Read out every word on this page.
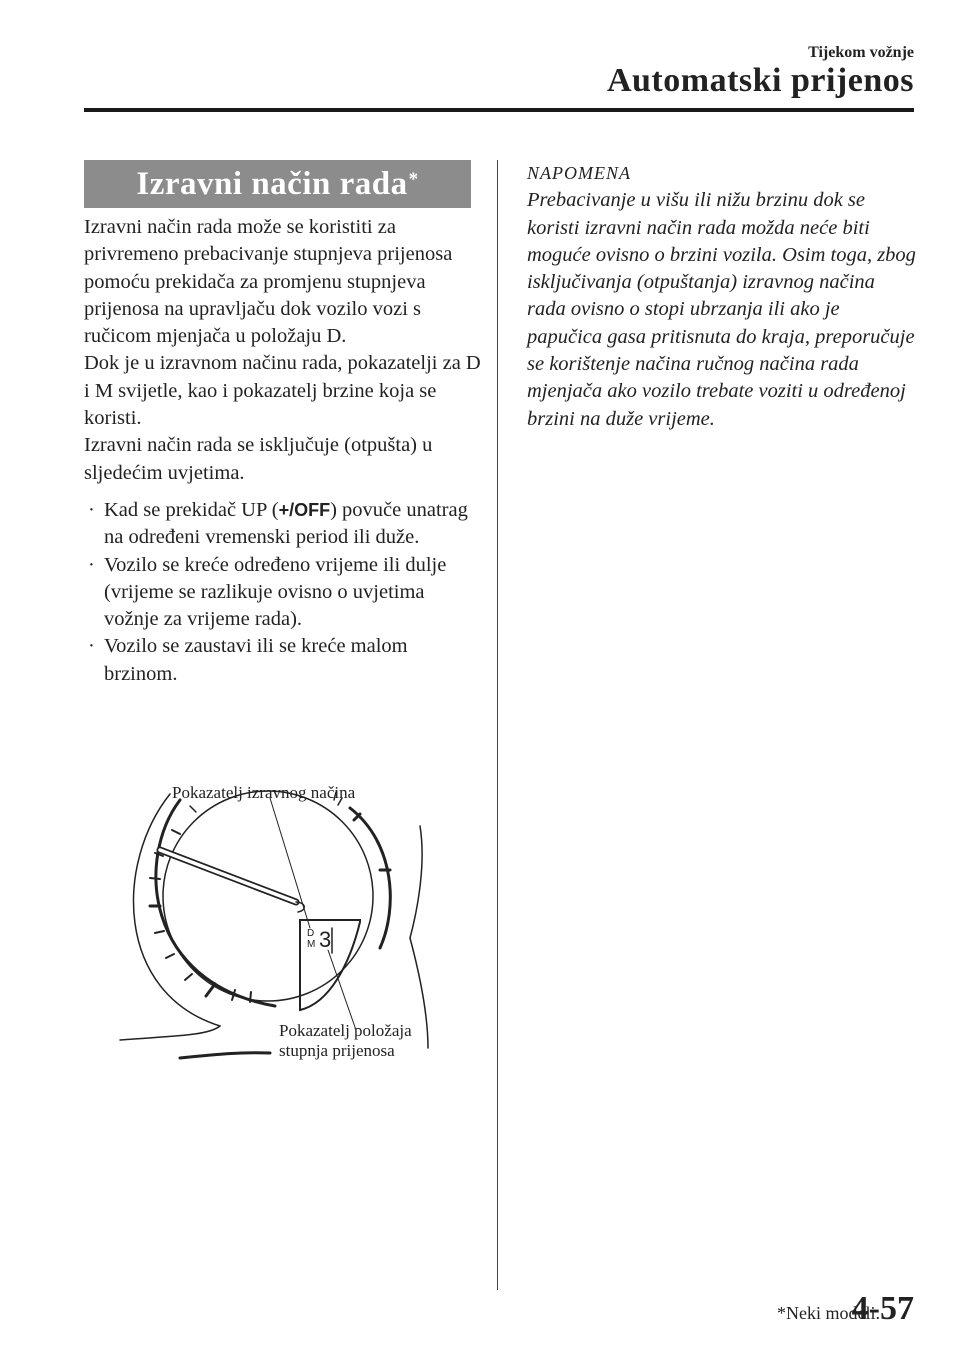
Tijekom vožnje
Automatski prijenos
Izravni način rada*

Izravni način rada može se koristiti za privremeno prebacivanje stupnjeva prijenosa pomoću prekidača za promjenu stupnjeva prijenosa na upravljaču dok vozilo vozi s ručicom mjenjača u položaju D.

Dok je u izravnom načinu rada, pokazatelji za D i M svijetle, kao i pokazatelj brzine koja se koristi.

Izravni način rada se isključuje (otpušta) u sljedećim uvjetima.

· Kad se prekidač UP (+/OFF) povuče unatrag na određeni vremenski period ili duže.
· Vozilo se kreće određeno vrijeme ili dulje (vrijeme se razlikuje ovisno o uvjetima vožnje za vrijeme rada).
· Vozilo se zaustavi ili se kreće malom brzinom.
NAPOMENA
Prebacivanje u višu ili nižu brzinu dok se koristi izravni način rada možda neće biti moguće ovisno o brzini vozila. Osim toga, zbog isključivanja (otpuštanja) izravnog načina rada ovisno o stopi ubrzanja ili ako je papučica gasa pritisnuta do kraja, preporučuje se korištenje načina ručnog načina rada mjenjača ako vozilo trebate voziti u određenoj brzini na duže vrijeme.
D
M 3
Pokazatelj izravnog načina
Pokazatelj položaja
stupnja prijenosa
*Neki modeli.
4-57
